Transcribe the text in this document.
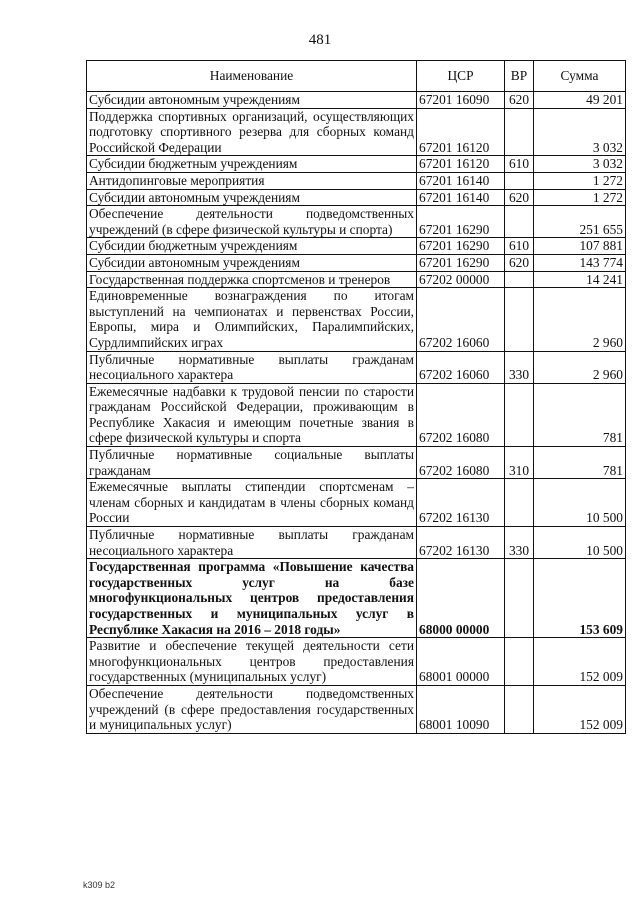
481
Наименование	ЦСР	ВР	Сумма
Субсидии автономным учреждениям	67201 16090	620	49 201
Поддержка спортивных организаций, осуществляющих подготовку спортивного резерва для сборных команд Российской Федерации	67201 16120		3 032
Субсидии бюджетным учреждениям	67201 16120	610	3 032
Антидопинговые мероприятия	67201 16140		1 272
Субсидии автономным учреждениям	67201 16140	620	1 272
Обеспечение деятельности подведомственных учреждений (в сфере физической культуры и спорта)	67201 16290		251 655
Субсидии бюджетным учреждениям	67201 16290	610	107 881
Субсидии автономным учреждениям	67201 16290	620	143 774
Государственная поддержка спортсменов и тренеров	67202 00000		14 241
Единовременные вознаграждения по итогам выступлений на чемпионатах и первенствах России, Европы, мира и Олимпийских, Паралимпийских, Сурдлимпийских играх	67202 16060		2 960
Публичные нормативные выплаты гражданам несоциального характера	67202 16060	330	2 960
Ежемесячные надбавки к трудовой пенсии по старости гражданам Российской Федерации, проживающим в Республике Хакасия и имеющим почетные звания в сфере физической культуры и спорта	67202 16080		781
Публичные нормативные социальные выплаты гражданам	67202 16080	310	781
Ежемесячные выплаты стипендии спортсменам – членам сборных и кандидатам в члены сборных команд России	67202 16130		10 500
Публичные нормативные выплаты гражданам несоциального характера	67202 16130	330	10 500
Государственная программа «Повышение качества государственных услуг на базе многофункциональных центров предоставления государственных и муниципальных услуг в Республике Хакасия на 2016 – 2018 годы»	68000 00000		153 609
Развитие и обеспечение текущей деятельности сети многофункциональных центров предоставления государственных (муниципальных услуг)	68001 00000		152 009
Обеспечение деятельности подведомственных учреждений (в сфере предоставления государственных и муниципальных услуг)	68001 10090		152 009
k309 b2
